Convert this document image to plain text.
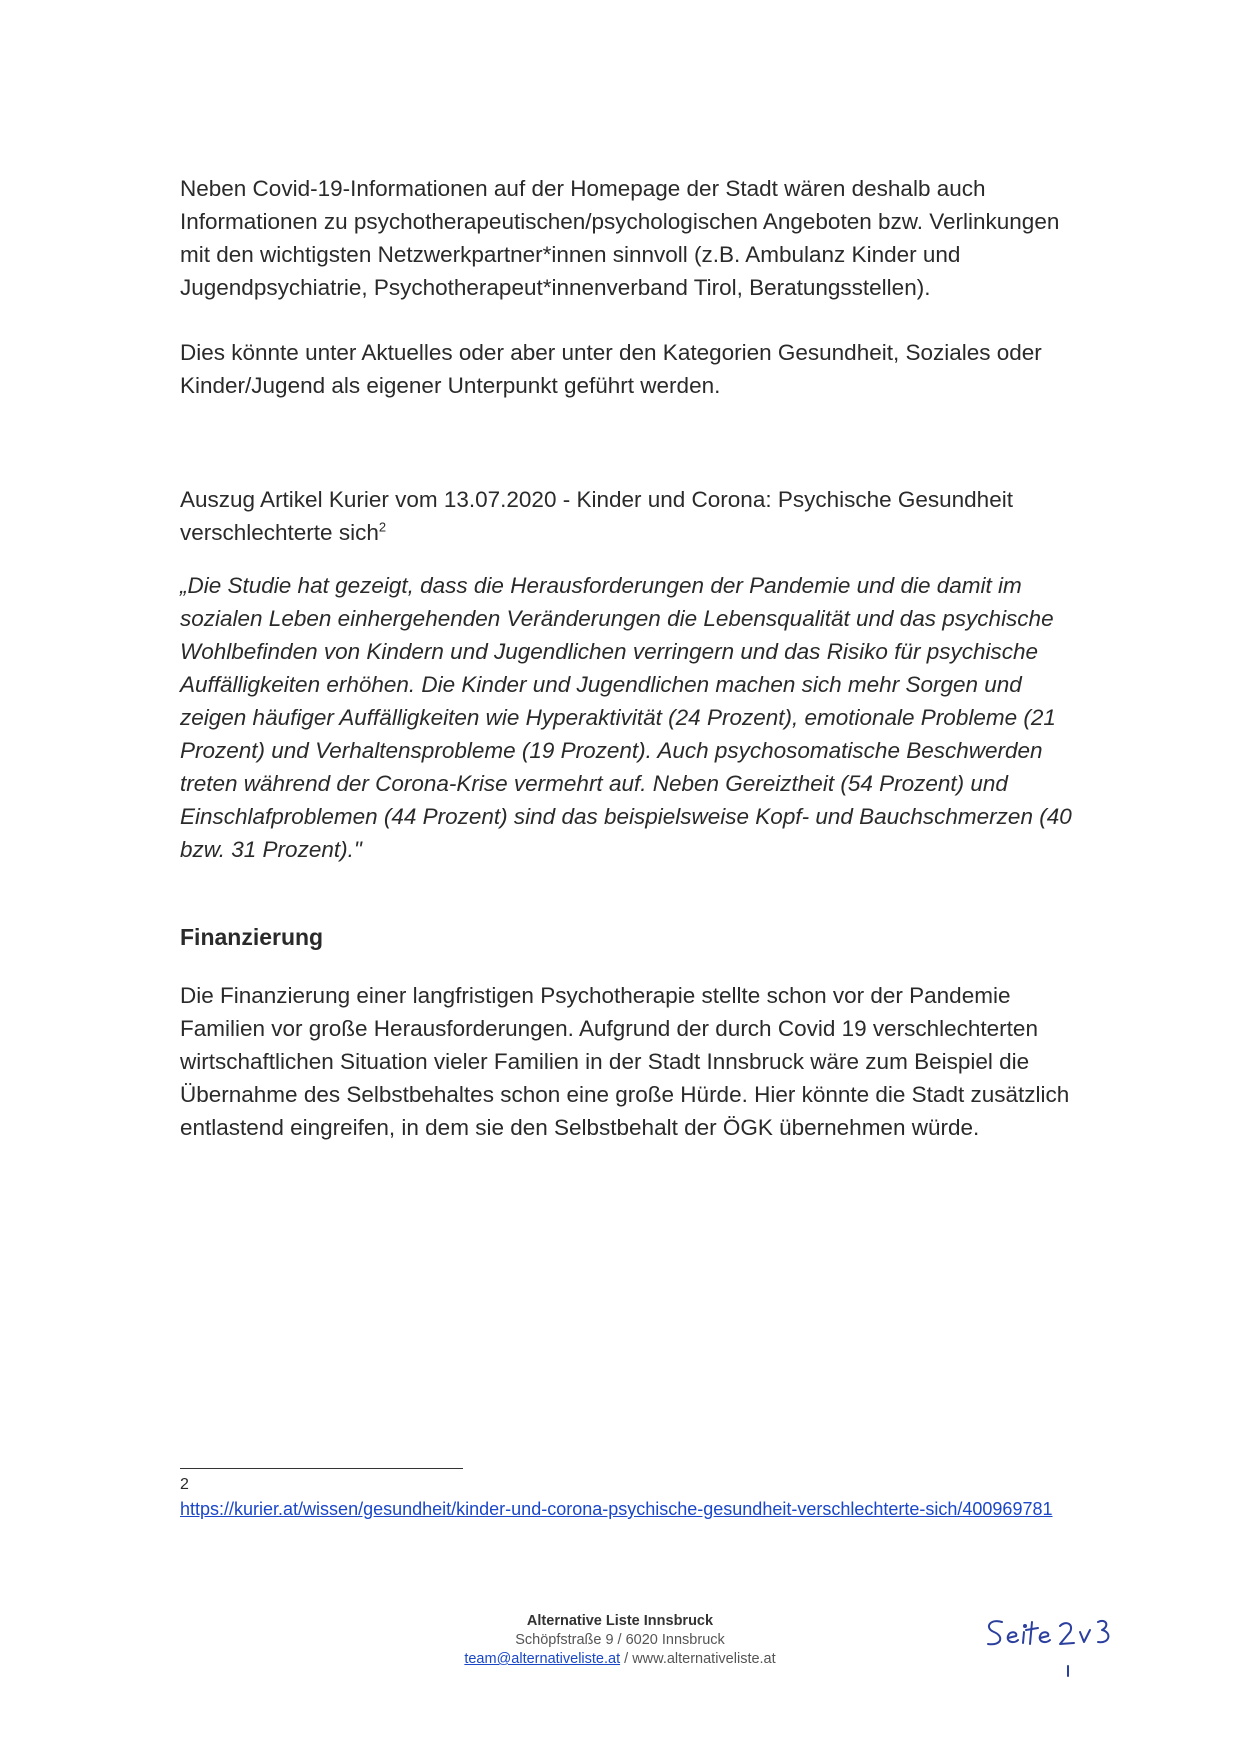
Neben Covid-19-Informationen auf der Homepage der Stadt wären deshalb auch Informationen zu psychotherapeutischen/psychologischen Angeboten bzw. Verlinkungen mit den wichtigsten Netzwerkpartner*innen sinnvoll (z.B. Ambulanz Kinder und Jugendpsychiatrie, Psychotherapeut*innenverband Tirol, Beratungsstellen).

Dies könnte unter Aktuelles oder aber unter den Kategorien Gesundheit, Soziales oder Kinder/Jugend als eigener Unterpunkt geführt werden.

Auszug Artikel Kurier vom 13.07.2020 - Kinder und Corona: Psychische Gesundheit verschlechterte sich$^2$

„Die Studie hat gezeigt, dass die Herausforderungen der Pandemie und die damit im sozialen Leben einhergehenden Veränderungen die Lebensqualität und das psychische Wohlbefinden von Kindern und Jugendlichen verringern und das Risiko für psychische Auffälligkeiten erhöhen. Die Kinder und Jugendlichen machen sich mehr Sorgen und zeigen häufiger Auffälligkeiten wie Hyperaktivität (24 Prozent), emotionale Probleme (21 Prozent) und Verhaltensprobleme (19 Prozent). Auch psychosomatische Beschwerden treten während der Corona-Krise vermehrt auf. Neben Gereiztheit (54 Prozent) und Einschlafproblemen (44 Prozent) sind das beispielsweise Kopf- und Bauchschmerzen (40 bzw. 31 Prozent)."

Finanzierung

Die Finanzierung einer langfristigen Psychotherapie stellte schon vor der Pandemie Familien vor große Herausforderungen. Aufgrund der durch Covid 19 verschlechterten wirtschaftlichen Situation vieler Familien in der Stadt Innsbruck wäre zum Beispiel die Übernahme des Selbstbehaltes schon eine große Hürde. Hier könnte die Stadt zusätzlich entlastend eingreifen, in dem sie den Selbstbehalt der ÖGK übernehmen würde.

2

https://kurier.at/wissen/gesundheit/kinder-und-corona-psychische-gesundheit-verschlechterte-sich/400969781

Alternative Liste Innsbruck
Schöpfstraße 9 / 6020 Innsbruck
team@alternativeliste.at / www.alternativeliste.at
